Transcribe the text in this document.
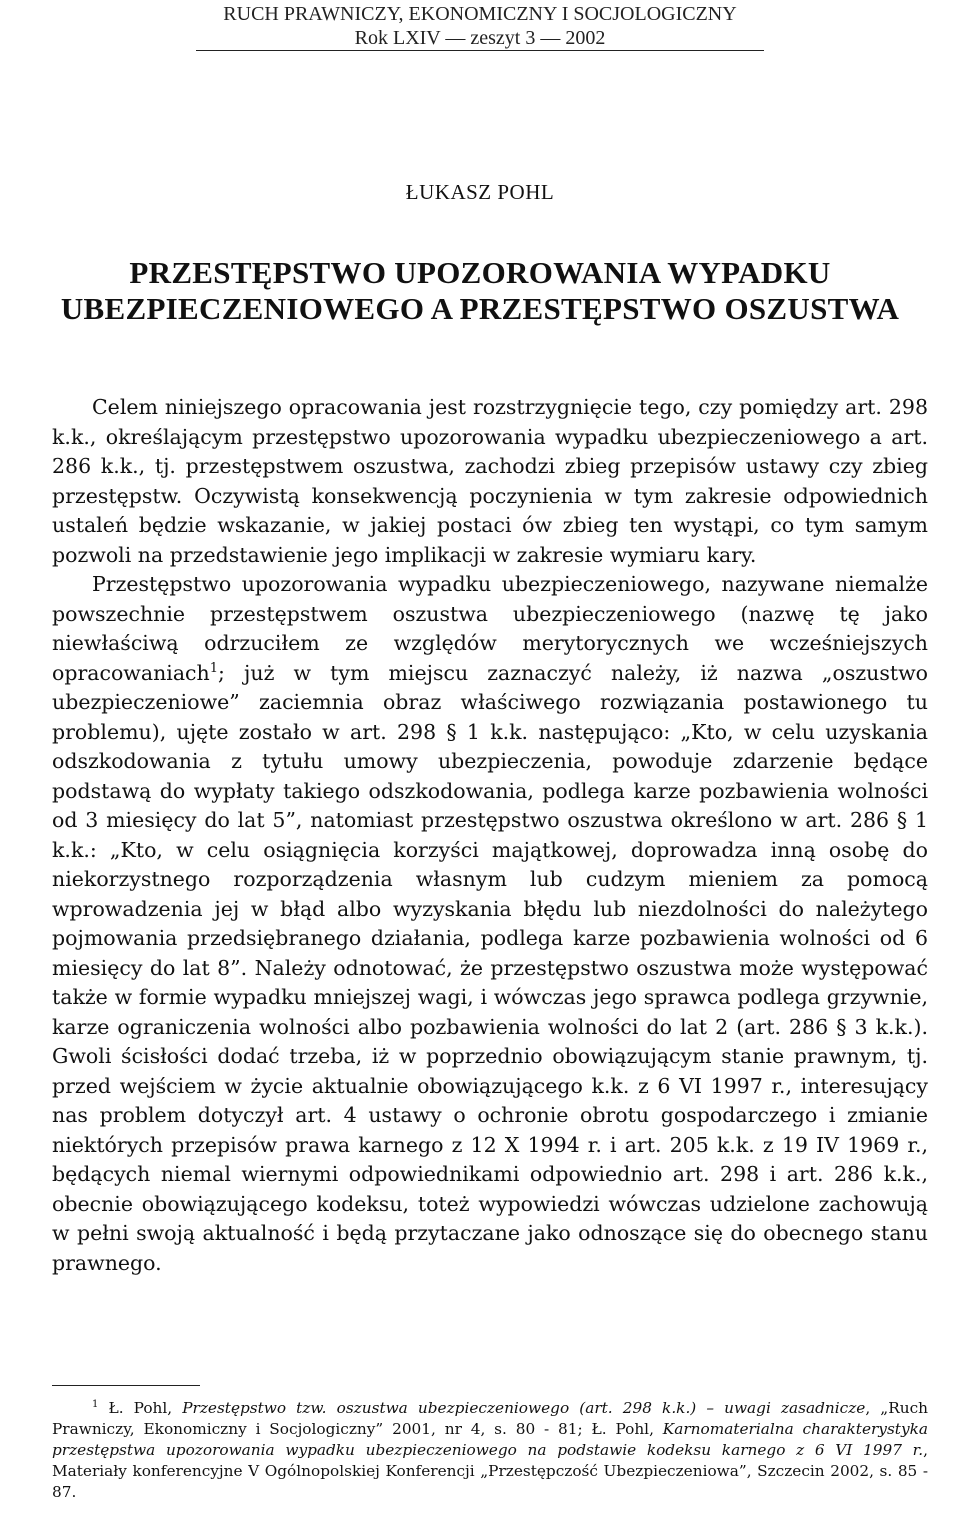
RUCH PRAWNICZY, EKONOMICZNY I SOCJOLOGICZNY
Rok LXIV — zeszyt 3 — 2002
ŁUKASZ POHL
PRZESTĘPSTWO UPOZOROWANIA WYPADKU
UBEZPIECZENIOWEGO A PRZESTĘPSTWO OSZUSTWA

Celem niniejszego opracowania jest rozstrzygnięcie tego, czy pomiędzy art. 298 k.k., określającym przestępstwo upozorowania wypadku ubezpieczeniowego a art. 286 k.k., tj. przestępstwem oszustwa, zachodzi zbieg przepisów ustawy czy zbieg przestępstw. Oczywistą konsekwencją poczynienia w tym zakresie odpowiednich ustaleń będzie wskazanie, w jakiej postaci ów zbieg ten wystąpi, co tym samym pozwoli na przedstawienie jego implikacji w zakresie wymiaru kary.

Przestępstwo upozorowania wypadku ubezpieczeniowego, nazywane niemalże powszechnie przestępstwem oszustwa ubezpieczeniowego (nazwę tę jako niewłaściwą odrzuciłem ze względów merytorycznych we wcześniejszych opracowaniach$^1$; już w tym miejscu zaznaczyć należy, iż nazwa „oszustwo ubezpieczeniowe” zaciemnia obraz właściwego rozwiązania postawionego tu problemu), ujęte zostało w art. 298 § 1 k.k. następująco: „Kto, w celu uzyskania odszkodowania z tytułu umowy ubezpieczenia, powoduje zdarzenie będące podstawą do wypłaty takiego odszkodowania, podlega karze pozbawienia wolności od 3 miesięcy do lat 5”, natomiast przestępstwo oszustwa określono w art. 286 § 1 k.k.: „Kto, w celu osiągnięcia korzyści majątkowej, doprowadza inną osobę do niekorzystnego rozporządzenia własnym lub cudzym mieniem za pomocą wprowadzenia jej w błąd albo wyzyskania błędu lub niezdolności do należytego pojmowania przedsiębranego działania, podlega karze pozbawienia wolności od 6 miesięcy do lat 8”. Należy odnotować, że przestępstwo oszustwa może występować także w formie wypadku mniejszej wagi, i wówczas jego sprawca podlega grzywnie, karze ograniczenia wolności albo pozbawienia wolności do lat 2 (art. 286 § 3 k.k.). Gwoli ścisłości dodać trzeba, iż w poprzednio obowiązującym stanie prawnym, tj. przed wejściem w życie aktualnie obowiązującego k.k. z 6 VI 1997 r., interesujący nas problem dotyczył art. 4 ustawy o ochronie obrotu gospodarczego i zmianie niektórych przepisów prawa karnego z 12 X 1994 r. i art. 205 k.k. z 19 IV 1969 r., będących niemal wiernymi odpowiednikami odpowiednio art. 298 i art. 286 k.k., obecnie obowiązującego kodeksu, toteż wypowiedzi wówczas udzielone zachowują w pełni swoją aktualność i będą przytaczane jako odnoszące się do obecnego stanu prawnego.

$^1$ Ł. Pohl, Przestępstwo tzw. oszustwa ubezpieczeniowego (art. 298 k.k.) – uwagi zasadnicze, „Ruch Prawniczy, Ekonomiczny i Socjologiczny” 2001, nr 4, s. 80 - 81; Ł. Pohl, Karnomaterialna charakterystyka przestępstwa upozorowania wypadku ubezpieczeniowego na podstawie kodeksu karnego z 6 VI 1997 r., Materiały konferencyjne V Ogólnopolskiej Konferencji „Przestępczość Ubezpieczeniowa”, Szczecin 2002, s. 85 - 87.
